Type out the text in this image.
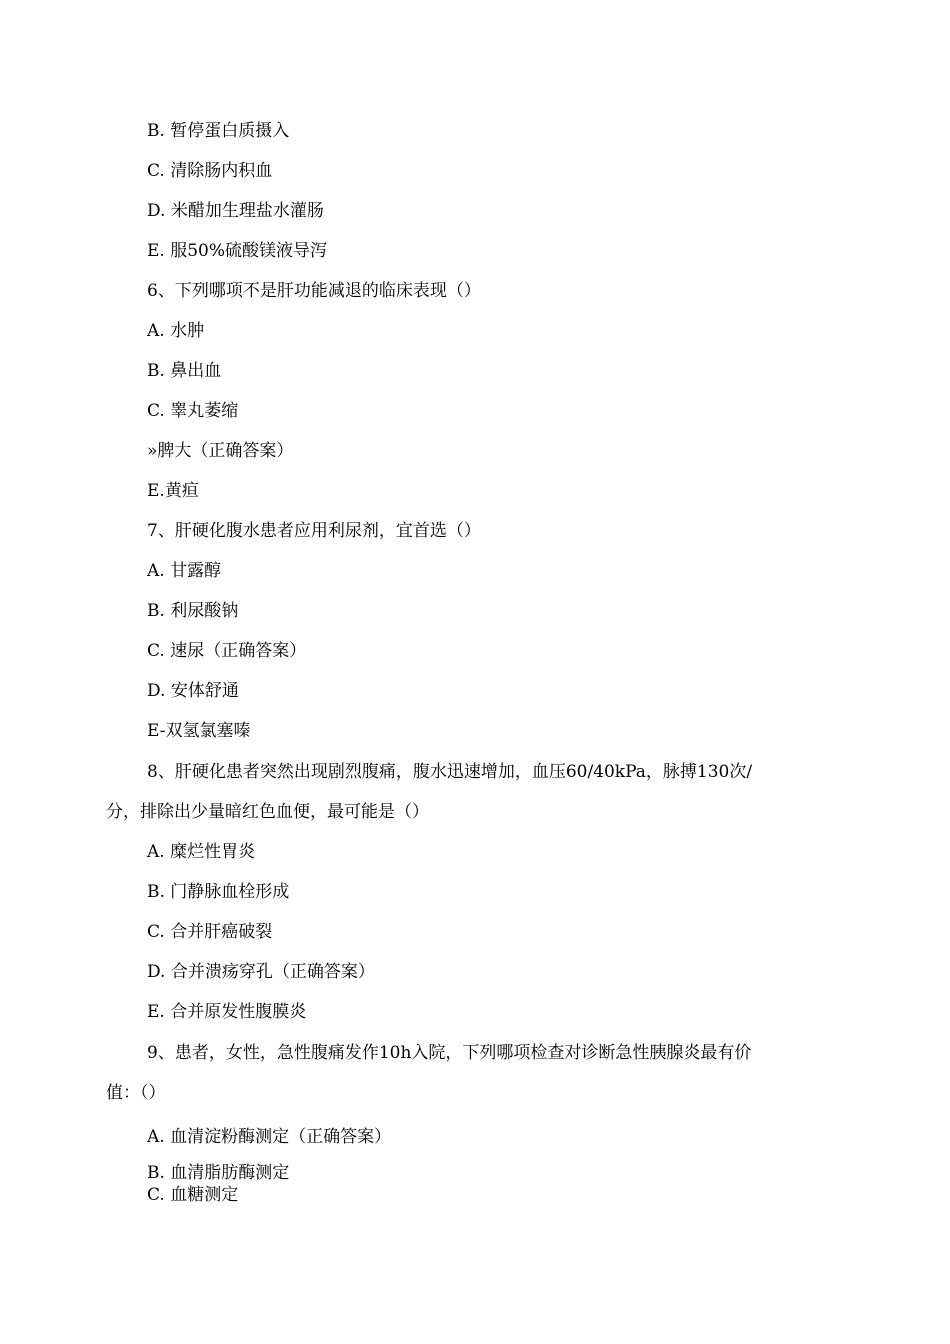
B. 暂停蛋白质摄入
C. 清除肠内积血
D. 米醋加生理盐水灌肠
E. 服50%硫酸镁液导泻
6、下列哪项不是肝功能减退的临床表现（）
A. 水肿
B. 鼻出血
C. 睾丸萎缩
»脾大（正确答案）
E.黄疸
7、肝硬化腹水患者应用利尿剂，宜首选（）
A. 甘露醇
B. 利尿酸钠
C. 速尿（正确答案）
D. 安体舒通
E-双氢氯塞嗪
8、肝硬化患者突然出现剧烈腹痛，腹水迅速增加，血压60/40kPa，脉搏130次/
分，排除出少量暗红色血便，最可能是（）
A. 糜烂性胃炎
B. 门静脉血栓形成
C. 合并肝癌破裂
D. 合并溃疡穿孔（正确答案）
E. 合并原发性腹膜炎
9、患者，女性，急性腹痛发作10h入院，下列哪项检查对诊断急性胰腺炎最有价
值：（）
A. 血清淀粉酶测定（正确答案）
B. 血清脂肪酶测定
C. 血糖测定
